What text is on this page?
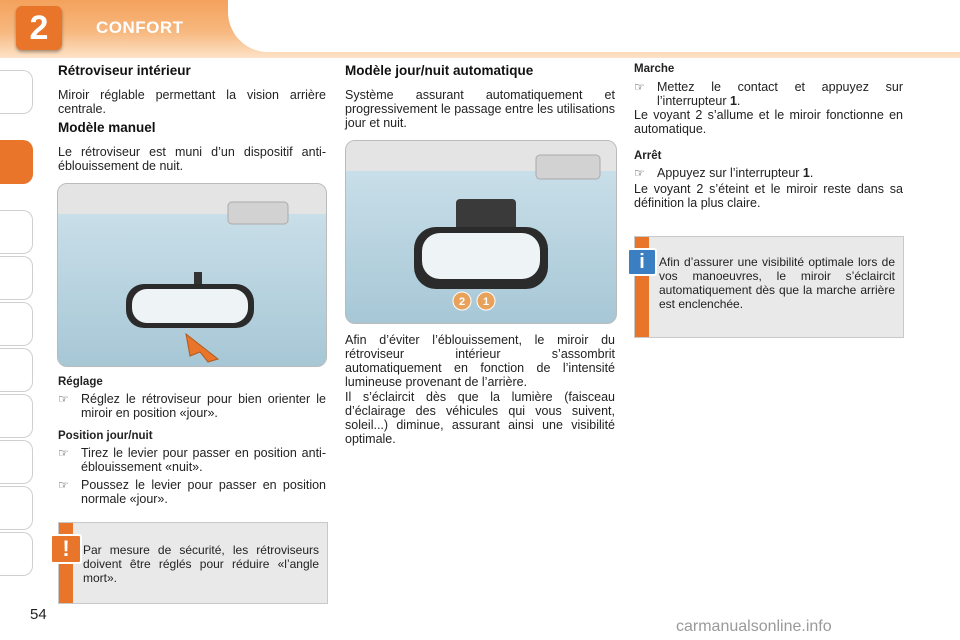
2	CONFORT
Rétroviseur intérieur
Miroir réglable permettant la vision arrière centrale.
Modèle manuel
Le rétroviseur est muni d’un dispositif anti-éblouissement de nuit.
Réglage
☞ Réglez le rétroviseur pour bien orienter le miroir en position «jour».
Position jour/nuit
☞ Tirez le levier pour passer en position anti-éblouissement «nuit».
☞ Poussez le levier pour passer en position normale «jour».
Par mesure de sécurité, les rétroviseurs doivent être réglés pour réduire «l’angle mort».
!
Modèle jour/nuit automatique
Système assurant automatiquement et progressivement le passage entre les utilisations jour et nuit.
2 1
Afin d’éviter l’éblouissement, le miroir du rétroviseur intérieur s’assombrit automatiquement en fonction de l’intensité lumineuse provenant de l’arrière.
Il s’éclaircit dès que la lumière (faisceau d’éclairage des véhicules qui vous suivent, soleil...) diminue, assurant ainsi une visibilité optimale.
Marche
☞ Mettez le contact et appuyez sur l’interrupteur 1.
Le voyant 2 s’allume et le miroir fonctionne en automatique.
Arrêt
☞ Appuyez sur l’interrupteur 1.
Le voyant 2 s’éteint et le miroir reste dans sa définition la plus claire.
Afin d’assurer une visibilité optimale lors de vos manoeuvres, le miroir s’éclaircit automatiquement dès que la marche arrière est enclenchée.
i
54
carmanualsonline.info
